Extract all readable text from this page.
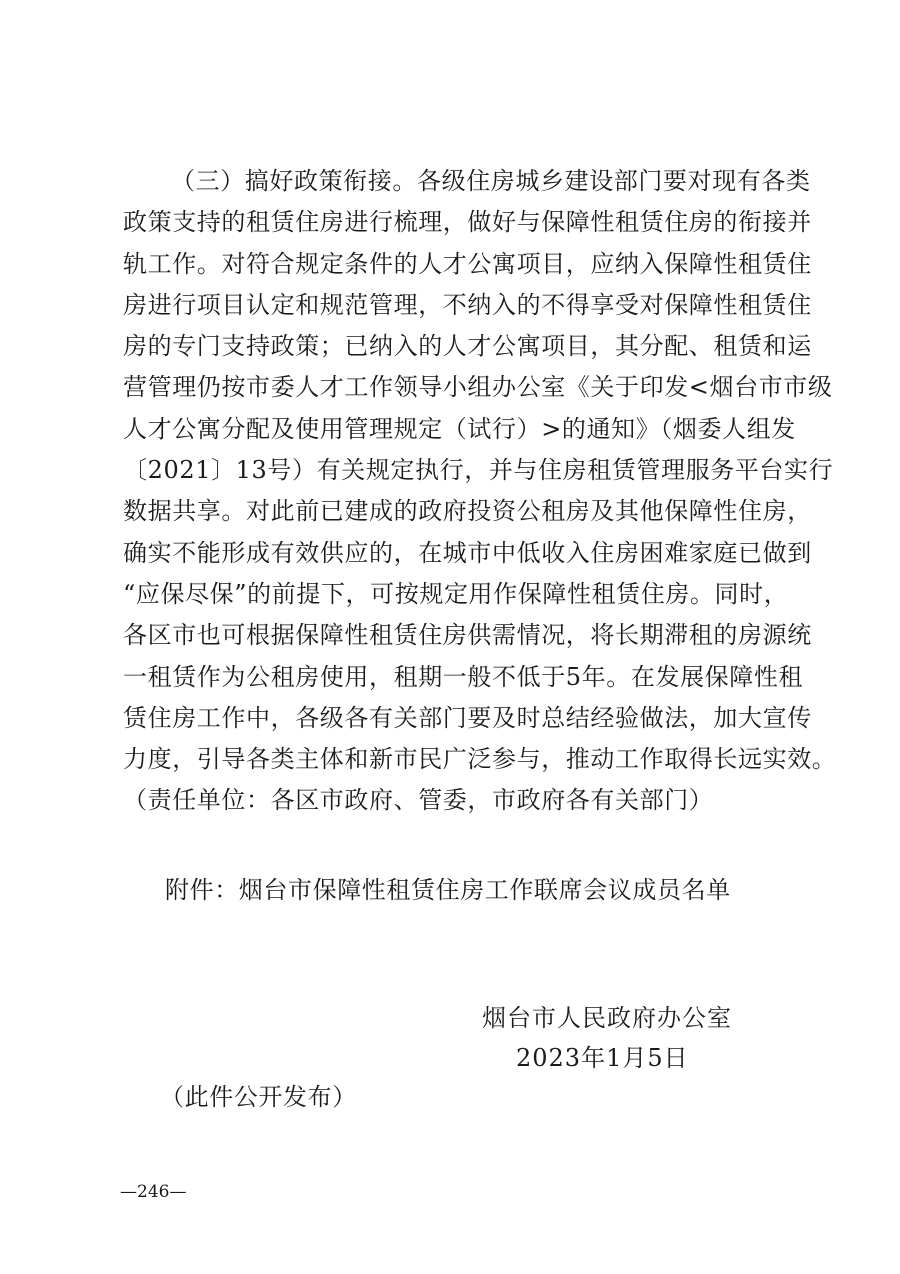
（三）搞好政策衔接。各级住房城乡建设部门要对现有各类
政策支持的租赁住房进行梳理，做好与保障性租赁住房的衔接并
轨工作。对符合规定条件的人才公寓项目，应纳入保障性租赁住
房进行项目认定和规范管理，不纳入的不得享受对保障性租赁住
房的专门支持政策；已纳入的人才公寓项目，其分配、租赁和运
营管理仍按市委人才工作领导小组办公室《关于印发<烟台市市级
人才公寓分配及使用管理规定（试行）>的通知》（烟委人组发
〔2021〕13号）有关规定执行，并与住房租赁管理服务平台实行
数据共享。对此前已建成的政府投资公租房及其他保障性住房，
确实不能形成有效供应的，在城市中低收入住房困难家庭已做到
“应保尽保”的前提下，可按规定用作保障性租赁住房。同时，
各区市也可根据保障性租赁住房供需情况，将长期滞租的房源统
一租赁作为公租房使用，租期一般不低于5年。在发展保障性租
赁住房工作中，各级各有关部门要及时总结经验做法，加大宣传
力度，引导各类主体和新市民广泛参与，推动工作取得长远实效。
（责任单位：各区市政府、管委，市政府各有关部门）
附件：烟台市保障性租赁住房工作联席会议成员名单
烟台市人民政府办公室
2023年1月5日
（此件公开发布）
—246—
